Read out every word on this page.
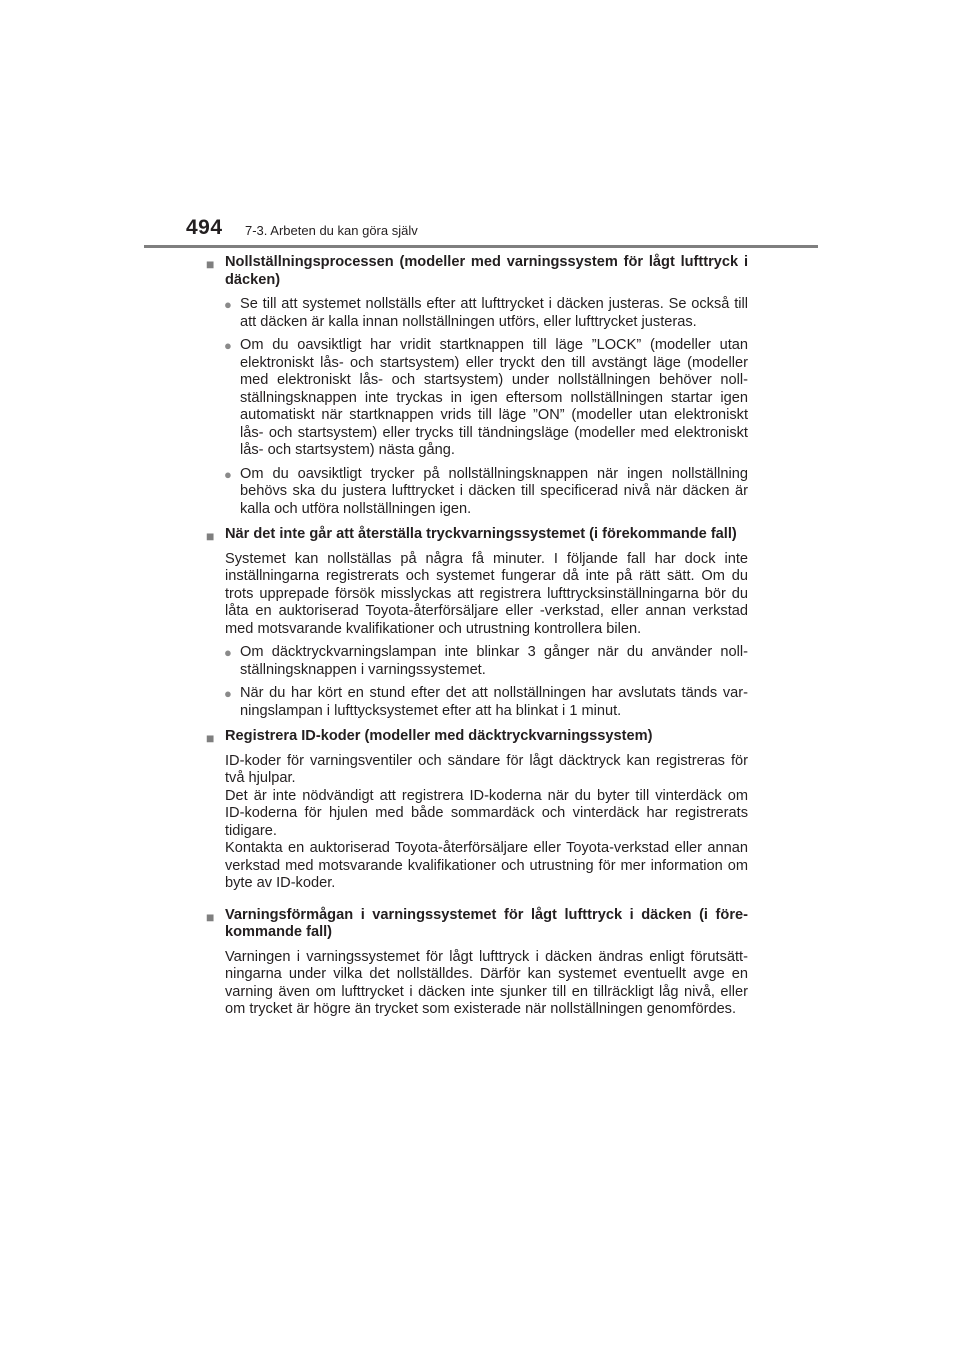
494 7-3. Arbeten du kan göra själv
■ Nollställningsprocessen (modeller med varningssystem för lågt lufttryck i däcken)
● Se till att systemet nollställs efter att lufttrycket i däcken justeras. Se också till att däcken är kalla innan nollställningen utförs, eller lufttrycket justeras.
● Om du oavsiktligt har vridit startknappen till läge ”LOCK” (modeller utan elektroniskt lås- och startsystem) eller tryckt den till avstängt läge (modeller med elektroniskt lås- och startsystem) under nollställningen behöver nollställningsknappen inte tryckas in igen eftersom nollställningen startar igen automatiskt när startknappen vrids till läge ”ON” (modeller utan elektroniskt lås- och startsystem) eller trycks till tändningsläge (modeller med elektroniskt lås- och startsystem) nästa gång.
● Om du oavsiktligt trycker på nollställningsknappen när ingen nollställning behövs ska du justera lufttrycket i däcken till specificerad nivå när däcken är kalla och utföra nollställningen igen.
■ När det inte går att återställa tryckvarningssystemet (i förekommande fall)
Systemet kan nollställas på några få minuter. I följande fall har dock inte inställningarna registrerats och systemet fungerar då inte på rätt sätt. Om du trots upprepade försök misslyckas att registrera lufttrycksinställningarna bör du låta en auktoriserad Toyota-återförsäljare eller -verkstad, eller annan verkstad med motsvarande kvalifikationer och utrustning kontrollera bilen.
● Om däcktryckvarningslampan inte blinkar 3 gånger när du använder nollställningsknappen i varningssystemet.
● När du har kört en stund efter det att nollställningen har avslutats tänds varningslampan i lufttycksystemet efter att ha blinkat i 1 minut.
■ Registrera ID-koder (modeller med däcktryckvarningssystem)
ID-koder för varningsventiler och sändare för lågt däcktryck kan registreras för två hjulpar.
Det är inte nödvändigt att registrera ID-koderna när du byter till vinterdäck om ID-koderna för hjulen med både sommardäck och vinterdäck har registrerats tidigare.
Kontakta en auktoriserad Toyota-återförsäljare eller Toyota-verkstad eller annan verkstad med motsvarande kvalifikationer och utrustning för mer information om byte av ID-koder.
■ Varningsförmågan i varningssystemet för lågt lufttryck i däcken (i förekommande fall)
Varningen i varningssystemet för lågt lufttryck i däcken ändras enligt förutsättningarna under vilka det nollställdes. Därför kan systemet eventuellt avge en varning även om lufttrycket i däcken inte sjunker till en tillräckligt låg nivå, eller om trycket är högre än trycket som existerade när nollställningen genomfördes.
